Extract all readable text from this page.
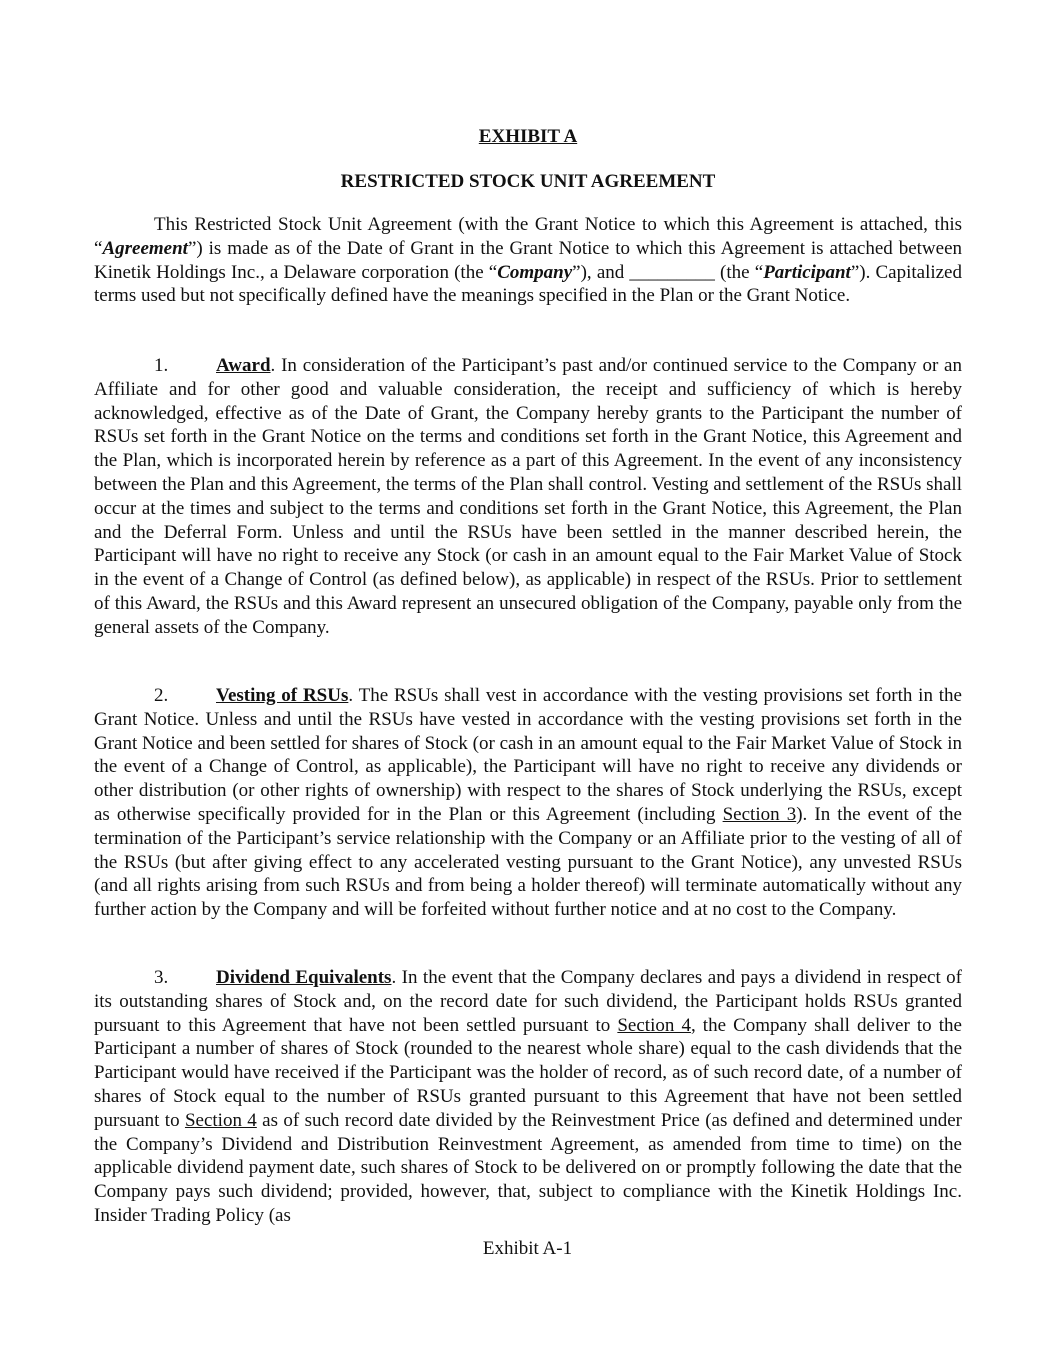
EXHIBIT A
RESTRICTED STOCK UNIT AGREEMENT

This Restricted Stock Unit Agreement (with the Grant Notice to which this Agreement is attached, this “Agreement”) is made as of the Date of Grant in the Grant Notice to which this Agreement is attached between Kinetik Holdings Inc., a Delaware corporation (the “Company”), and _________ (the “Participant”). Capitalized terms used but not specifically defined have the meanings specified in the Plan or the Grant Notice.

1.	Award. In consideration of the Participant’s past and/or continued service to the Company or an Affiliate and for other good and valuable consideration, the receipt and sufficiency of which is hereby acknowledged, effective as of the Date of Grant, the Company hereby grants to the Participant the number of RSUs set forth in the Grant Notice on the terms and conditions set forth in the Grant Notice, this Agreement and the Plan, which is incorporated herein by reference as a part of this Agreement. In the event of any inconsistency between the Plan and this Agreement, the terms of the Plan shall control. Vesting and settlement of the RSUs shall occur at the times and subject to the terms and conditions set forth in the Grant Notice, this Agreement, the Plan and the Deferral Form. Unless and until the RSUs have been settled in the manner described herein, the Participant will have no right to receive any Stock (or cash in an amount equal to the Fair Market Value of Stock in the event of a Change of Control (as defined below), as applicable) in respect of the RSUs. Prior to settlement of this Award, the RSUs and this Award represent an unsecured obligation of the Company, payable only from the general assets of the Company.

2.	Vesting of RSUs. The RSUs shall vest in accordance with the vesting provisions set forth in the Grant Notice. Unless and until the RSUs have vested in accordance with the vesting provisions set forth in the Grant Notice and been settled for shares of Stock (or cash in an amount equal to the Fair Market Value of Stock in the event of a Change of Control, as applicable), the Participant will have no right to receive any dividends or other distribution (or other rights of ownership) with respect to the shares of Stock underlying the RSUs, except as otherwise specifically provided for in the Plan or this Agreement (including Section 3). In the event of the termination of the Participant’s service relationship with the Company or an Affiliate prior to the vesting of all of the RSUs (but after giving effect to any accelerated vesting pursuant to the Grant Notice), any unvested RSUs (and all rights arising from such RSUs and from being a holder thereof) will terminate automatically without any further action by the Company and will be forfeited without further notice and at no cost to the Company.

3.	Dividend Equivalents. In the event that the Company declares and pays a dividend in respect of its outstanding shares of Stock and, on the record date for such dividend, the Participant holds RSUs granted pursuant to this Agreement that have not been settled pursuant to Section 4, the Company shall deliver to the Participant a number of shares of Stock (rounded to the nearest whole share) equal to the cash dividends that the Participant would have received if the Participant was the holder of record, as of such record date, of a number of shares of Stock equal to the number of RSUs granted pursuant to this Agreement that have not been settled pursuant to Section 4 as of such record date divided by the Reinvestment Price (as defined and determined under the Company’s Dividend and Distribution Reinvestment Agreement, as amended from time to time) on the applicable dividend payment date, such shares of Stock to be delivered on or promptly following the date that the Company pays such dividend; provided, however, that, subject to compliance with the Kinetik Holdings Inc. Insider Trading Policy (as

Exhibit A-1
